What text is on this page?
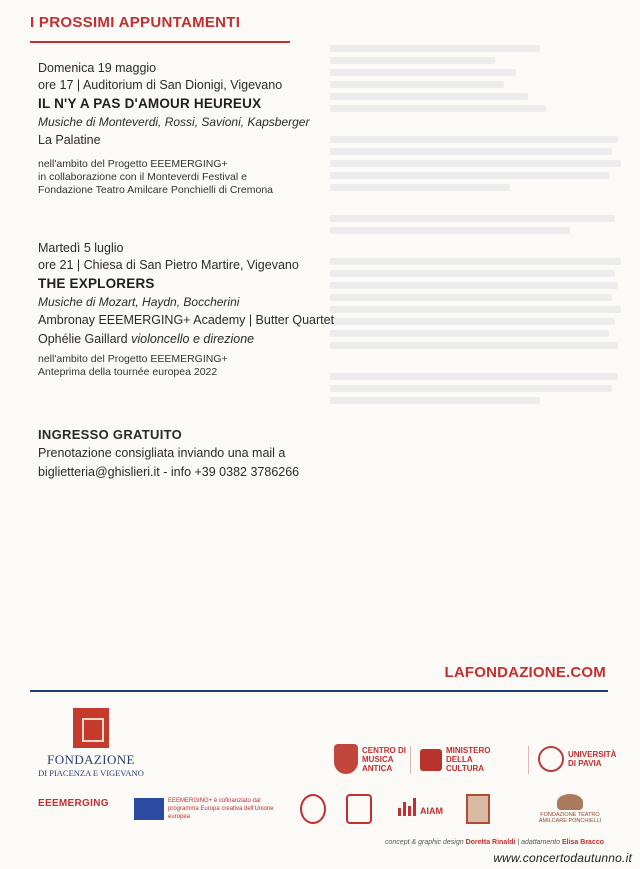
I PROSSIMI APPUNTAMENTI
Domenica 19 maggio
ore 17 | Auditorium di San Dionigi, Vigevano
IL N'Y A PAS D'AMOUR HEUREUX
Musiche di Monteverdi, Rossi, Savioni, Kapsberger
La Palatine
nell'ambito del Progetto EEEMERGING+
in collaborazione con il Monteverdi Festival e
Fondazione Teatro Amilcare Ponchielli di Cremona
Martedì 5 luglio
ore 21 | Chiesa di San Pietro Martire, Vigevano
THE EXPLORERS
Musiche di Mozart, Haydn, Boccherini
Ambronay EEEMERGING+ Academy | Butter Quartet
Ophélie Gaillard violoncello e direzione
nell'ambito del Progetto EEEMERGING+
Anteprima della tournée europea 2022
INGRESSO GRATUITO
Prenotazione consigliata inviando una mail a
biglietteria@ghislieri.it - info +39 0382 3786266
LAFONDAZIONE.COM
FONDAZIONE
DI PIACENZA E VIGEVANO
CENTRO DI MUSICA ANTICA
MINISTERO DELLA CULTURA
UNIVERSITÀ DI PAVIA
EEEMERGING	EEEMERGING+ è cofinanziato dal programma Europa creativa dell'Unione europea
AIAM	FONDAZIONE TEATRO AMILCARE PONCHIELLI
concept & graphic design Doretta Rinaldi | adattamento Elisa Bracco
www.concertodautunno.it
